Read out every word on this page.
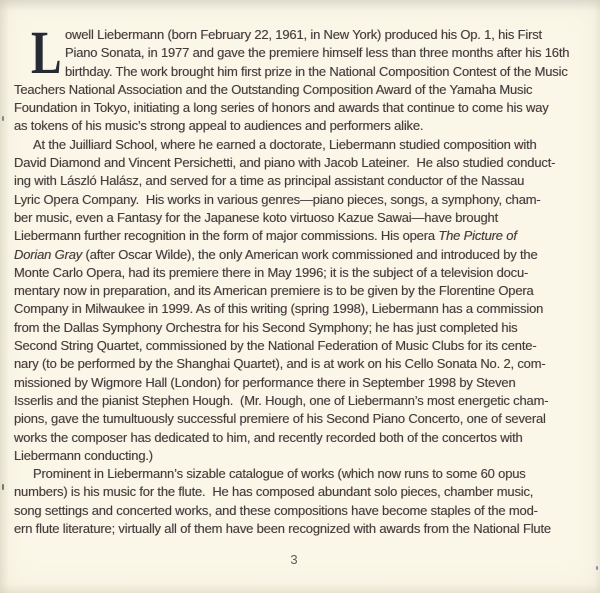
L owell Liebermann (born February 22, 1961, in New York) produced his Op. 1, his First
Piano Sonata, in 1977 and gave the premiere himself less than three months after his 16th
birthday. The work brought him first prize in the National Composition Contest of the Music
Teachers National Association and the Outstanding Composition Award of the Yamaha Music
Foundation in Tokyo, initiating a long series of honors and awards that continue to come his way
as tokens of his music’s strong appeal to audiences and performers alike.
At the Juilliard School, where he earned a doctorate, Liebermann studied composition with
David Diamond and Vincent Persichetti, and piano with Jacob Lateiner.  He also studied conduct-
ing with László Halász, and served for a time as principal assistant conductor of the Nassau
Lyric Opera Company.  His works in various genres—piano pieces, songs, a symphony, cham-
ber music, even a Fantasy for the Japanese koto virtuoso Kazue Sawai—have brought
Liebermann further recognition in the form of major commissions. His opera The Picture of
Dorian Gray (after Oscar Wilde), the only American work commissioned and introduced by the
Monte Carlo Opera, had its premiere there in May 1996; it is the subject of a television docu-
mentary now in preparation, and its American premiere is to be given by the Florentine Opera
Company in Milwaukee in 1999. As of this writing (spring 1998), Liebermann has a commission
from the Dallas Symphony Orchestra for his Second Symphony; he has just completed his
Second String Quartet, commissioned by the National Federation of Music Clubs for its cente-
nary (to be performed by the Shanghai Quartet), and is at work on his Cello Sonata No. 2, com-
missioned by Wigmore Hall (London) for performance there in September 1998 by Steven
Isserlis and the pianist Stephen Hough.  (Mr. Hough, one of Liebermann’s most energetic cham-
pions, gave the tumultuously successful premiere of his Second Piano Concerto, one of several
works the composer has dedicated to him, and recently recorded both of the concertos with
Liebermann conducting.)
Prominent in Liebermann’s sizable catalogue of works (which now runs to some 60 opus
numbers) is his music for the flute.  He has composed abundant solo pieces, chamber music,
song settings and concerted works, and these compositions have become staples of the mod-
ern flute literature; virtually all of them have been recognized with awards from the National Flute
3
